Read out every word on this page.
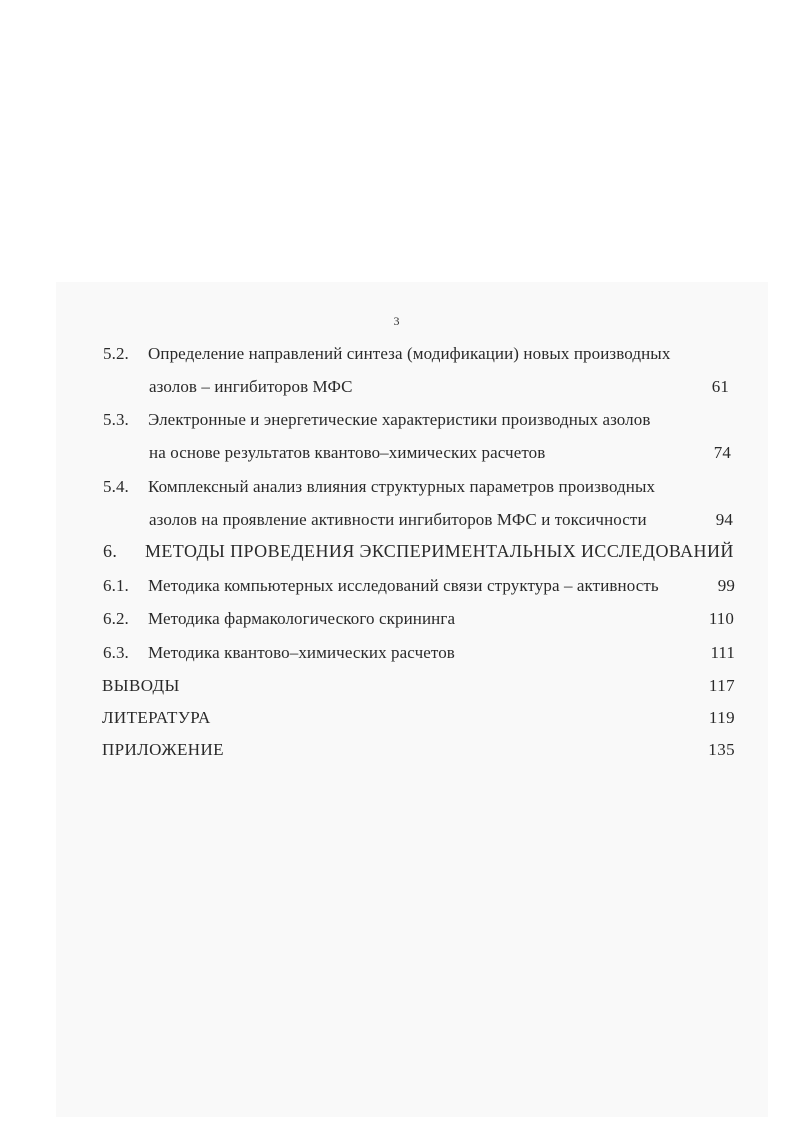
3
5.2. Определение направлений синтеза (модификации) новых производных
азолов – ингибиторов МФС	61
5.3. Электронные и энергетические характеристики производных азолов
на основе результатов квантово–химических расчетов	74
5.4. Комплексный анализ влияния структурных параметров производных
азолов на проявление активности ингибиторов МФС и токсичности	94
6. МЕТОДЫ ПРОВЕДЕНИЯ ЭКСПЕРИМЕНТАЛЬНЫХ ИССЛЕДОВАНИЙ
6.1. Методика компьютерных исследований связи структура – активность	99
6.2. Методика фармакологического скрининга	110
6.3. Методика квантово–химических расчетов	111
ВЫВОДЫ	117
ЛИТЕРАТУРА	119
ПРИЛОЖЕНИЕ	135
